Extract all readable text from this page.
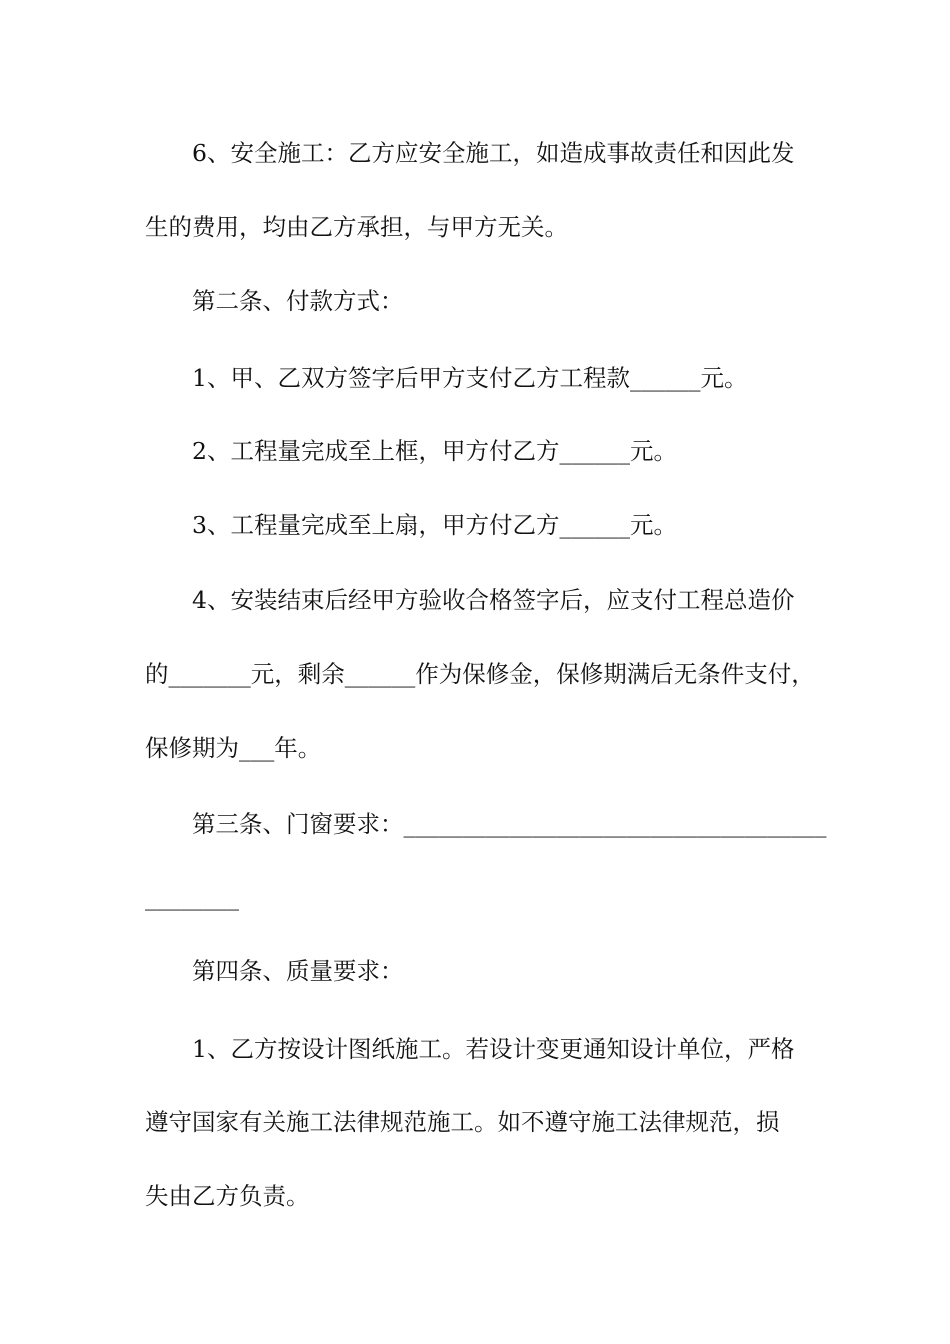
6、安全施工：乙方应安全施工，如造成事故责任和因此发
生的费用，均由乙方承担，与甲方无关。
第二条、付款方式：
1、甲、乙双方签字后甲方支付乙方工程款______元。
2、工程量完成至上框，甲方付乙方______元。
3、工程量完成至上扇，甲方付乙方______元。
4、安装结束后经甲方验收合格签字后，应支付工程总造价
的_______元，剩余______作为保修金，保修期满后无条件支付，
保修期为___年。
第三条、门窗要求：____________________________________
________
第四条、质量要求：
1、乙方按设计图纸施工。若设计变更通知设计单位，严格
遵守国家有关施工法律规范施工。如不遵守施工法律规范，损
失由乙方负责。
